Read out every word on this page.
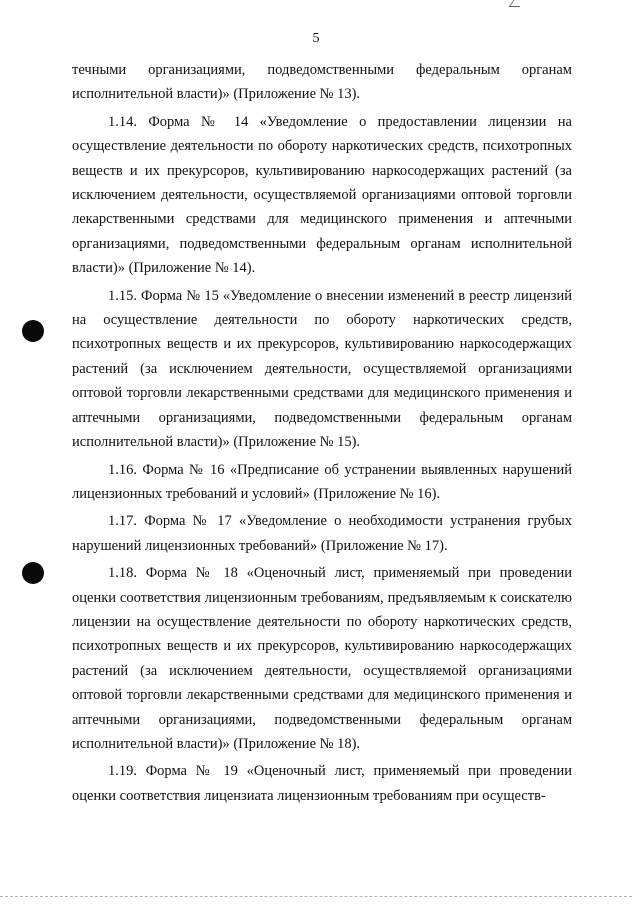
5

течными организациями, подведомственными федеральным органам исполнительной власти)» (Приложение № 13).

1.14. Форма № 14 «Уведомление о предоставлении лицензии на осуществление деятельности по обороту наркотических средств, психотропных веществ и их прекурсоров, культивированию наркосодержащих растений (за исключением деятельности, осуществляемой организациями оптовой торговли лекарственными средствами для медицинского применения и аптечными организациями, подведомственными федеральным органам исполнительной власти)» (Приложение № 14).

1.15. Форма № 15 «Уведомление о внесении изменений в реестр лицензий на осуществление деятельности по обороту наркотических средств, психотропных веществ и их прекурсоров, культивированию наркосодержащих растений (за исключением деятельности, осуществляемой организациями оптовой торговли лекарственными средствами для медицинского применения и аптечными организациями, подведомственными федеральным органам исполнительной власти)» (Приложение № 15).

1.16. Форма № 16 «Предписание об устранении выявленных нарушений лицензионных требований и условий» (Приложение № 16).

1.17. Форма № 17 «Уведомление о необходимости устранения грубых нарушений лицензионных требований» (Приложение № 17).

1.18. Форма № 18 «Оценочный лист, применяемый при проведении оценки соответствия лицензионным требованиям, предъявляемым к соискателю лицензии на осуществление деятельности по обороту наркотических средств, психотропных веществ и их прекурсоров, культивированию наркосодержащих растений (за исключением деятельности, осуществляемой организациями оптовой торговли лекарственными средствами для медицинского применения и аптечными организациями, подведомственными федеральным органам исполнительной власти)» (Приложение № 18).

1.19. Форма № 19 «Оценочный лист, применяемый при проведении оценки соответствия лицензиата лицензионным требованиям при осуществ-
